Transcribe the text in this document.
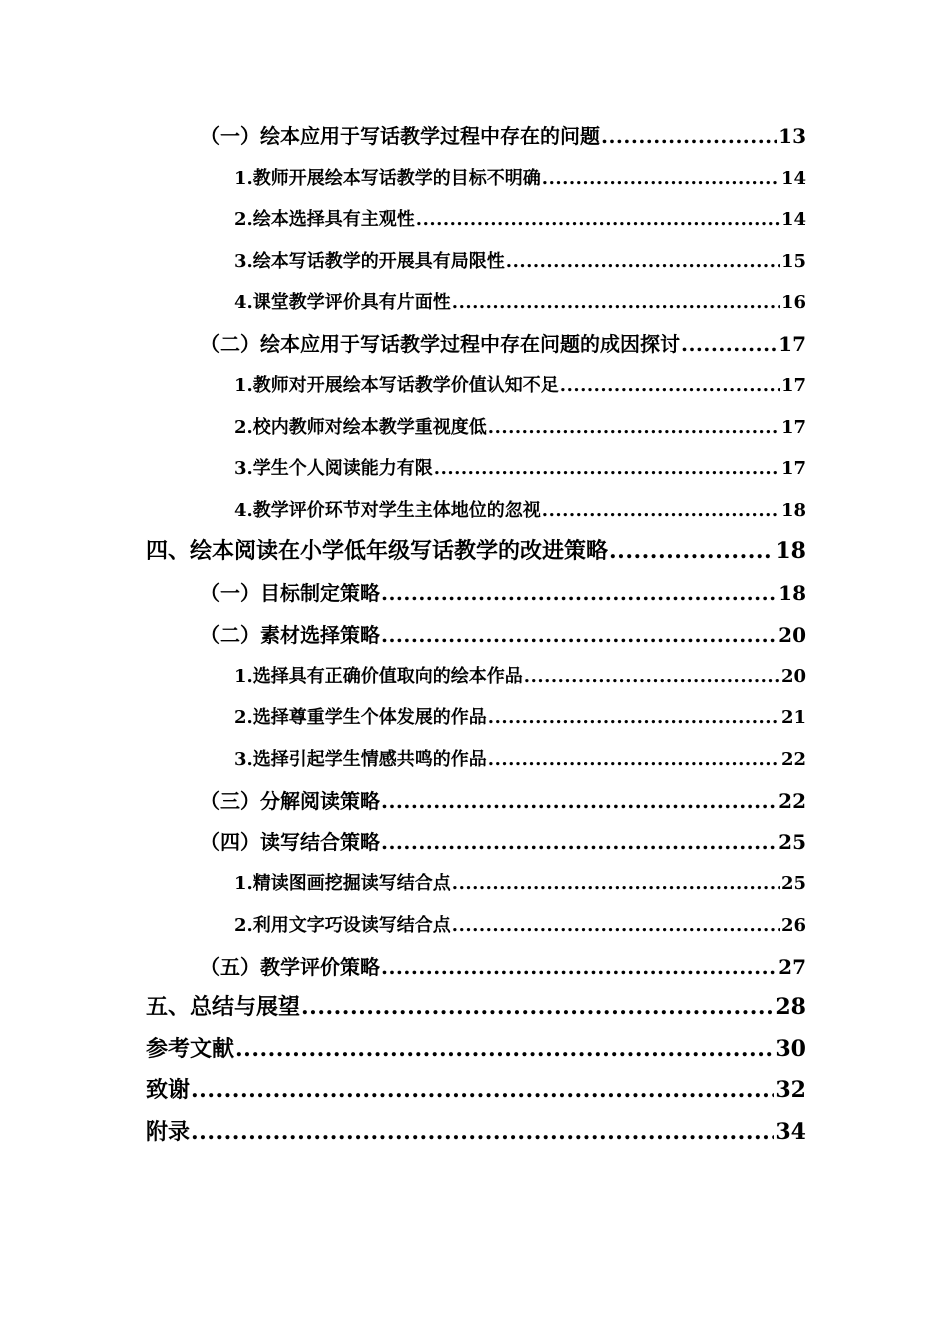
（一）绘本应用于写话教学过程中存在的问题 .....	13
1.教师开展绘本写话教学的目标不明确 .....	14
2.绘本选择具有主观性 .....	14
3.绘本写话教学的开展具有局限性 .....	15
4.课堂教学评价具有片面性 .....	16
（二）绘本应用于写话教学过程中存在问题的成因探讨 .....	17
1.教师对开展绘本写话教学价值认知不足 .....	17
2.校内教师对绘本教学重视度低 .....	17
3.学生个人阅读能力有限 .....	17
4.教学评价环节对学生主体地位的忽视 .....	18
四、绘本阅读在小学低年级写话教学的改进策略 .....	18
（一）目标制定策略 .....	18
（二）素材选择策略 .....	20
1.选择具有正确价值取向的绘本作品 .....	20
2.选择尊重学生个体发展的作品 .....	21
3.选择引起学生情感共鸣的作品 .....	22
（三）分解阅读策略 .....	22
（四）读写结合策略 .....	25
1.精读图画挖掘读写结合点 .....	25
2.利用文字巧设读写结合点 .....	26
（五）教学评价策略 .....	27
五、总结与展望 .....	28
参考文献 .....	30
致谢 .....	32
附录 .....	34
